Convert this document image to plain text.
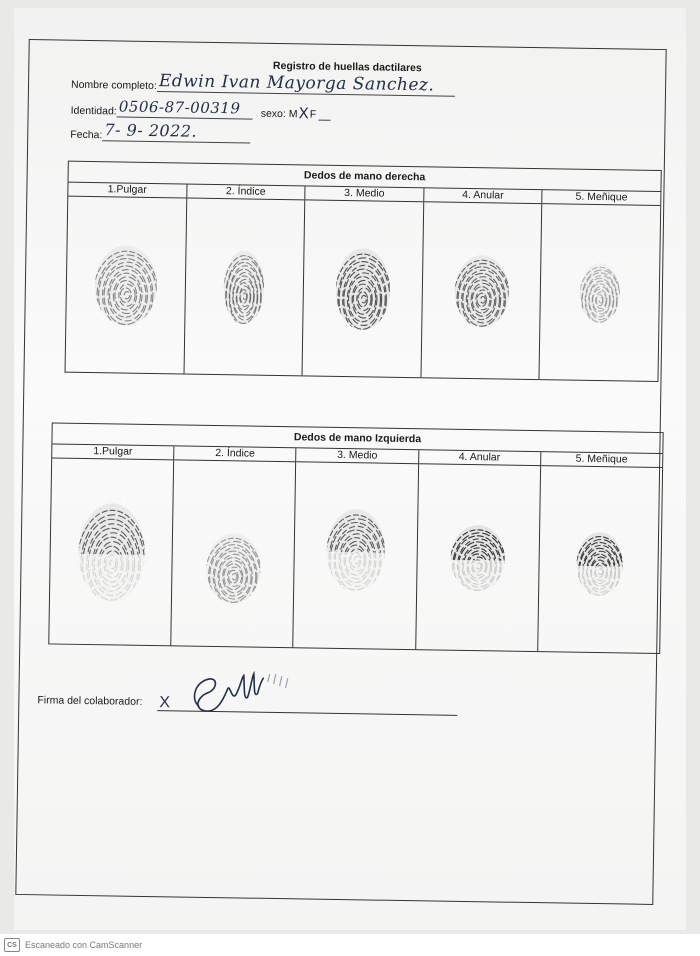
Registro de huellas dactilares
Nombre completo: Edwin Ivan Mayorga Sanchez.
Identidad: 0506-87-00319	sexo: M X F
Fecha: 7- 9- 2022.
Dedos de mano derecha
1.Pulgar	2. Índice	3. Medio	4. Anular	5. Meñique
Dedos de mano Izquierda
1.Pulgar	2. Índice	3. Medio	4. Anular	5. Meñique
Firma del colaborador: X
CS Escaneado con CamScanner
